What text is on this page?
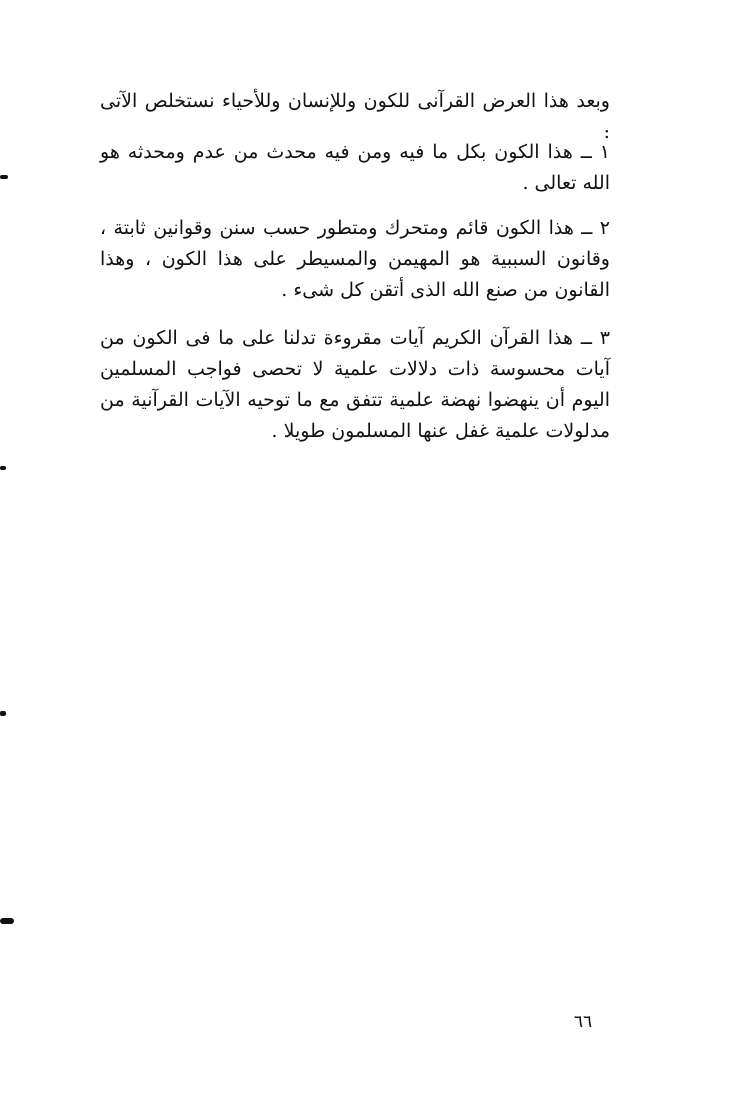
وبعد هذا العرض القرآنى للكون وللإنسان وللأحياء نستخلص الآتى :

١ ــ هذا الكون بكل ما فيه ومن فيه محدث من عدم ومحدثه هو الله تعالى .

٢ ــ هذا الكون قائم ومتحرك ومتطور حسب سنن وقوانين ثابتة ، وقانون السببية هو المهيمن والمسيطر على هذا الكون ، وهذا القانون من صنع الله الذى أتقن كل شىء .

٣ ــ هذا القرآن الكريم آيات مقروءة تدلنا على ما فى الكون من آيات محسوسة ذات دلالات علمية لا تحصى فواجب المسلمين اليوم أن ينهضوا نهضة علمية تتفق مع ما توحيه الآيات القرآنية من مدلولات علمية غفل عنها المسلمون طويلا .

٦٦
